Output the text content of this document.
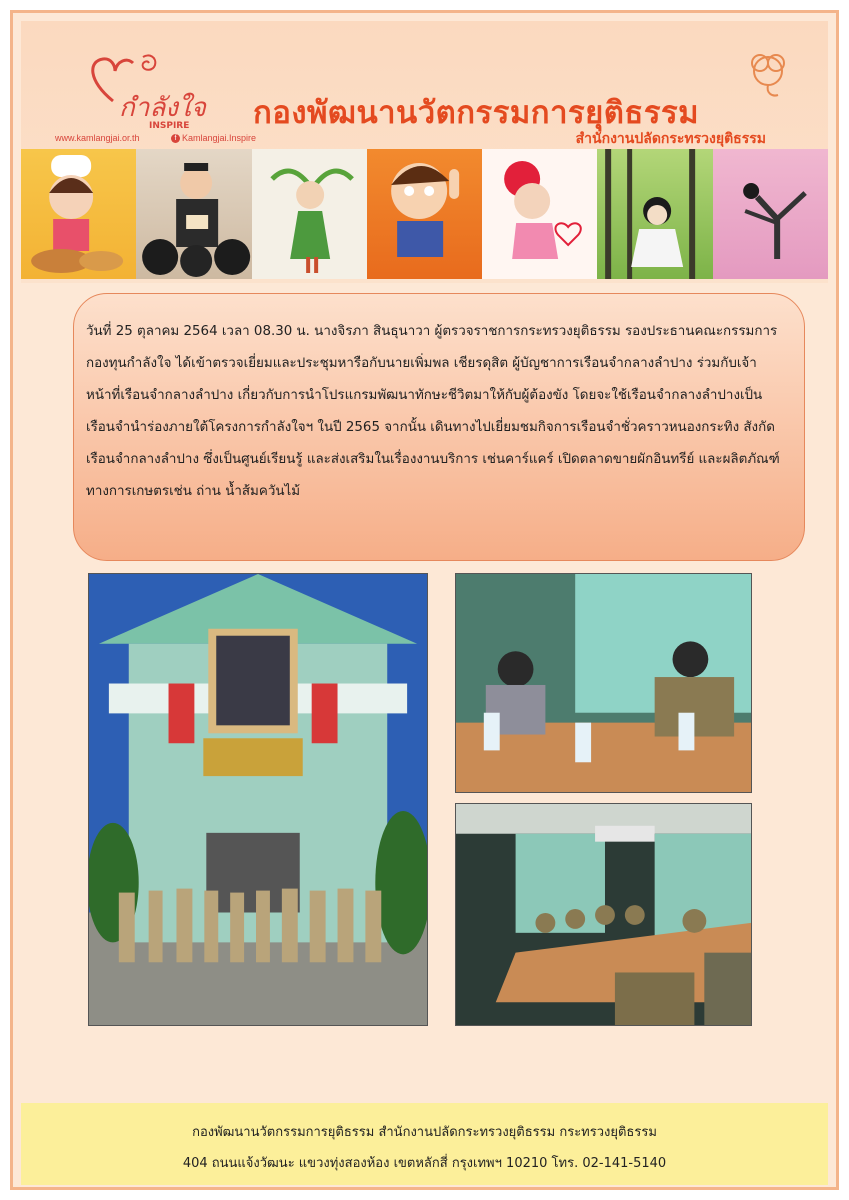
กำลังใจ
INSPIRE
www.kamlangjai.or.th	f Kamlangjai.Inspire
กองพัฒนานวัตกรรมการยุติธรรม
สำนักงานปลัดกระทรวงยุติธรรม

วันที่ 25 ตุลาคม 2564 เวลา 08.30 น. นางจิรภา สินธุนาวา ผู้ตรวจราชการกระทรวงยุติธรรม รองประธานคณะกรรมการกองทุนกำลังใจ ได้เข้าตรวจเยี่ยมและประชุมหารือกับนายเพิ่มพล เชียรดุสิต ผู้บัญชาการเรือนจำกลางลำปาง ร่วมกับเจ้าหน้าที่เรือนจำกลางลำปาง เกี่ยวกับการนำโปรแกรมพัฒนาทักษะชีวิตมาให้กับผู้ต้องขัง โดยจะใช้เรือนจำกลางลำปางเป็นเรือนจำนำร่องภายใต้โครงการกำลังใจฯ ในปี 2565 จากนั้น เดินทางไปเยี่ยมชมกิจการเรือนจำชั่วคราวหนองกระทิง สังกัดเรือนจำกลางลำปาง ซึ่งเป็นศูนย์เรียนรู้ และส่งเสริมในเรื่องงานบริการ เช่นคาร์แคร์ เปิดตลาดขายผักอินทรีย์ และผลิตภัณฑ์ทางการเกษตรเช่น ถ่าน น้ำส้มควันไม้

กองพัฒนานวัตกรรมการยุติธรรม สำนักงานปลัดกระทรวงยุติธรรม กระทรวงยุติธรรม
404 ถนนแจ้งวัฒนะ แขวงทุ่งสองห้อง เขตหลักสี่ กรุงเทพฯ 10210 โทร. 02-141-5140
